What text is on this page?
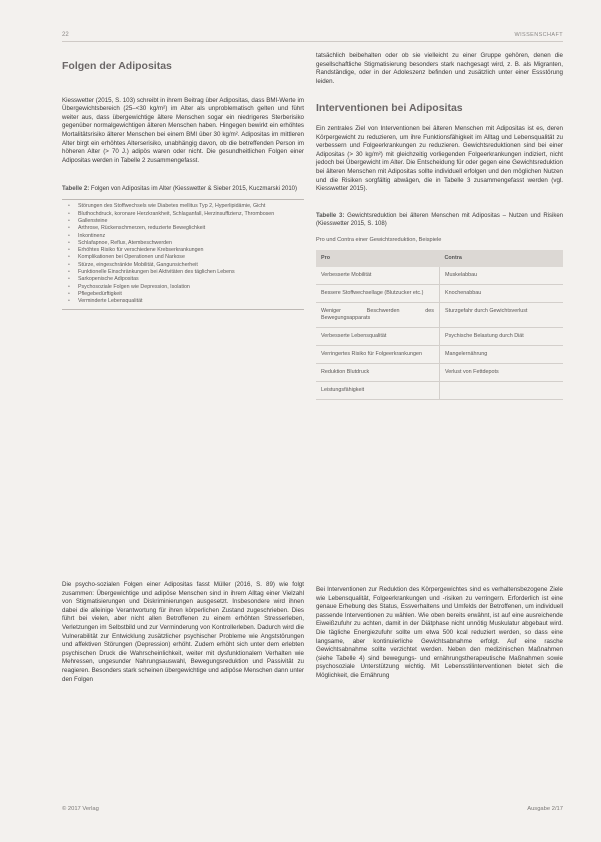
22	WISSENSCHAFT
Folgen der Adipositas

Kiesswetter (2015, S. 103) schreibt in ihrem Beitrag über Adipositas, dass BMI-Werte im Übergewichtsbereich (25–<30 kg/m²) im Alter als unproblematisch gelten und führt weiter aus, dass übergewichtige ältere Menschen sogar ein niedrigeres Sterberisiko gegenüber normalgewichtigen älteren Menschen haben. Hingegen bewirkt ein erhöhtes Mortalitätsrisiko älterer Menschen bei einem BMI über 30 kg/m². Adipositas im mittleren Alter birgt ein erhöhtes Alterserisiko, unabhängig davon, ob die betreffenden Person im höheren Alter (> 70 J.) adipös waren oder nicht. Die gesundheitlichen Folgen einer Adipositas werden in Tabelle 2 zusammengefasst.

Tabelle 2: Folgen von Adipositas im Alter (Kiesswetter & Sieber 2015, Kuczmarski 2010)
• Störungen des Stoffwechsels wie Diabetes mellitus Typ 2, Hyperlipidämie, Gicht
• Bluthochdruck, koronare Herzkrankheit, Schlaganfall, Herzinsuffizienz, Thrombosen
• Gallensteine
• Arthrose, Rückenschmerzen, reduzierte Beweglichkeit
• Inkontinenz
• Schlafapnoe, Reflux, Atembeschwerden
• Erhöhtes Risiko für verschiedene Krebserkrankungen
• Komplikationen bei Operationen und Narkose
• Stürze, eingeschränkte Mobilität, Gangunsicherheit
• Funktionelle Einschränkungen bei Aktivitäten des täglichen Lebens
• Sarkopenische Adipositas
• Psychosoziale Folgen wie Depression, Isolation
• Pflegebedürftigkeit
• Verminderte Lebensqualität

Die psycho-sozialen Folgen einer Adipositas fasst Müller (2016, S. 89) wie folgt zusammen: Übergewichtige und adipöse Menschen sind in ihrem Alltag einer Vielzahl von Stigmatisierungen und Diskriminierungen ausgesetzt. Insbesondere wird ihnen dabei die alleinige Verantwortung für ihren körperlichen Zustand zugeschrieben. Dies führt bei vielen, aber nicht allen Betroffenen zu einem erhöhten Stresserleben, Verletzungen im Selbstbild und zur Verminderung von Kontrollerleben. Dadurch wird die Vulnerabilität zur Entwicklung zusätzlicher psychischer Probleme wie Angststörungen und affektiven Störungen (Depression) erhöht. Zudem erhöht sich unter dem erlebten psychischen Druck die Wahrscheinlichkeit, weiter mit dysfunktionalem Verhalten wie Mehressen, ungesunder Nahrungsauswahl, Bewegungsreduktion und Passivität zu reagieren. Besonders stark scheinen übergewichtige und adipöse Menschen dann unter den Folgen

tatsächlich beibehalten oder ob sie vielleicht zu einer Gruppe gehören, denen die gesellschaftliche Stigmatisierung besonders stark nachgesagt wird, z. B. als Migranten, Randständige, oder in der Adoleszenz befinden und zusätzlich unter einer Essstörung leiden.

Interventionen bei Adipositas

Ein zentrales Ziel von Interventionen bei älteren Menschen mit Adipositas ist es, deren Körpergewicht zu reduzieren, um ihre Funktionsfähigkeit im Alltag und Lebensqualität zu verbessern und Folgeerkrankungen zu reduzieren. Gewichtsreduktionen sind bei einer Adipositas (> 30 kg/m²) mit gleichzeitig vorliegenden Folgeerkrankungen indiziert, nicht jedoch bei Übergewicht im Alter. Die Entscheidung für oder gegen eine Gewichtsreduktion bei älteren Menschen mit Adipositas sollte individuell erfolgen und den möglichen Nutzen und die Risiken sorgfältig abwägen, die in Tabelle 3 zusammengefasst werden (vgl. Kiesswetter 2015).

Tabelle 3: Gewichtsreduktion bei älteren Menschen mit Adipositas – Nutzen und Risiken (Kiesswetter 2015, S. 108)
Pro und Contra einer Gewichtsreduktion, Beispiele
Pro	Contra
Verbesserte Mobilität	Muskelabbau
Bessere Stoffwechsellage (Blutzucker etc.)	Knochenabbau
Weniger Beschwerden des Bewegungsapparats	Sturzgefahr durch Gewichtsverlust
Verbesserte Lebensqualität	Psychische Belastung durch Diät
Verringertes Risiko für Folgeerkrankungen	Mangelernährung
Reduktion Blutdruck	Verlust von Fettdepots
Leistungsfähigkeit	

Bei Interventionen zur Reduktion des Körpergewichtes sind es verhaltensbezogene Ziele wie Lebensqualität, Folgeerkrankungen und -risiken zu verringern. Erforderlich ist eine genaue Erhebung des Status, Essverhaltens und Umfelds der Betroffenen, um individuell passende Interventionen zu wählen. Wie oben bereits erwähnt, ist auf eine ausreichende Eiweißzufuhr zu achten, damit in der Diätphase nicht unnötig Muskulatur abgebaut wird. Die tägliche Energiezufuhr sollte um etwa 500 kcal reduziert werden, so dass eine langsame, aber kontinuierliche Gewichtsabnahme erfolgt. Auf eine rasche Gewichtsabnahme sollte verzichtet werden. Neben den medizinischen Maßnahmen (siehe Tabelle 4) sind bewegungs- und ernährungstherapeutische Maßnahmen sowie psychosoziale Unterstützung wichtig. Mit Lebensstilinterventionen bietet sich die Möglichkeit, die Ernährung

© 2017 Verlag	Ausgabe 2/17
